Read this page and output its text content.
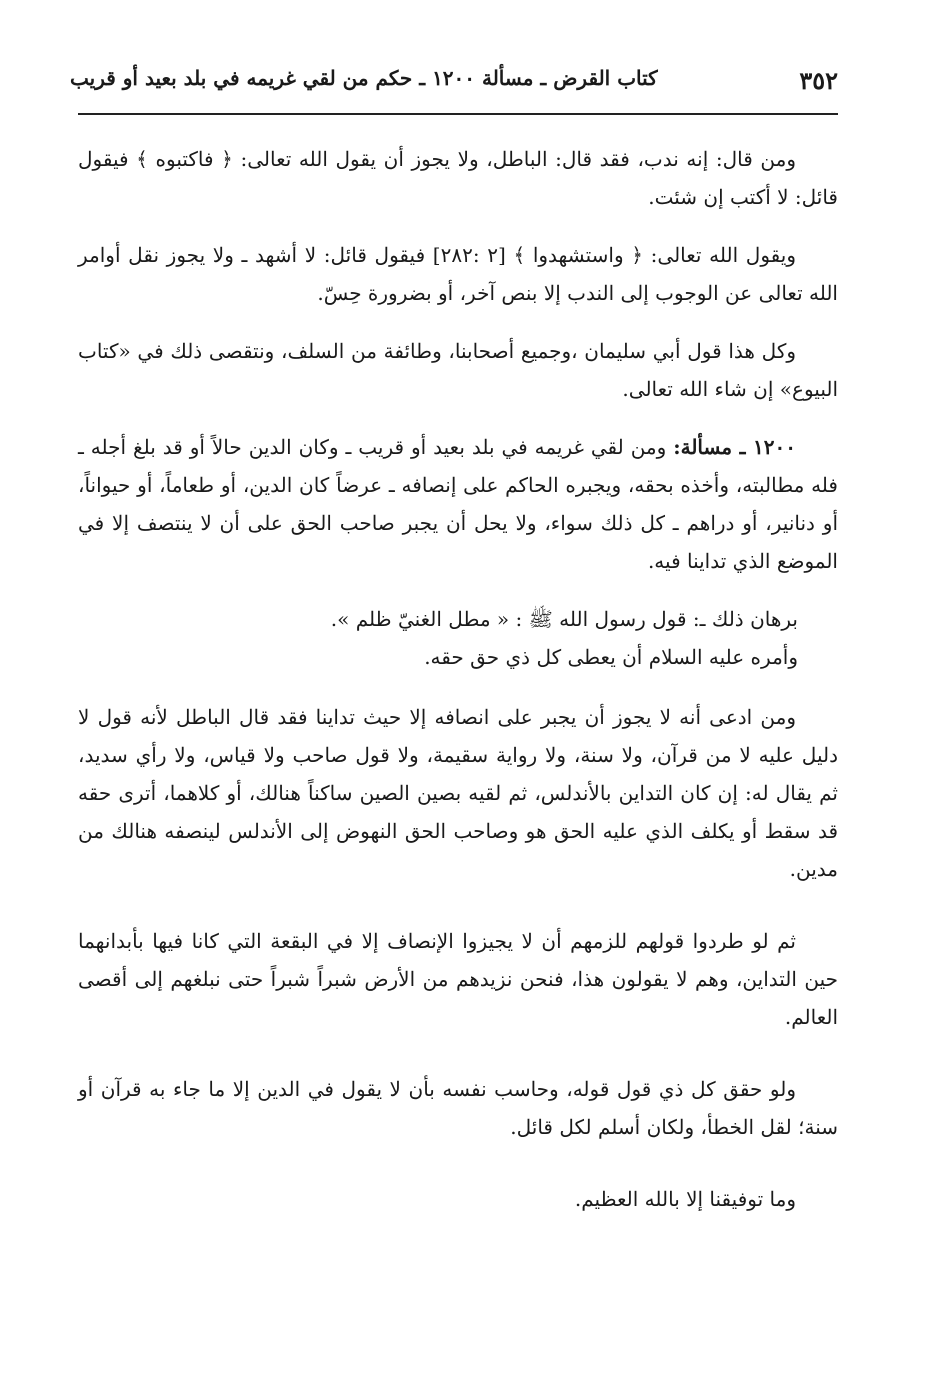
٣٥٢
كتاب القرض ـ مسألة ١٢٠٠ ـ حكم من لقي غريمه في بلد بعيد أو قريب

ومن قال: إنه ندب، فقد قال: الباطل، ولا يجوز أن يقول الله تعالى: ﴿ فاكتبوه ﴾ فيقول قائل: لا أكتب إن شئت.

ويقول الله تعالى: ﴿ واستشهدوا ﴾ [٢ :٢٨٢] فيقول قائل: لا أشهد ـ ولا يجوز نقل أوامر الله تعالى عن الوجوب إلى الندب إلا بنص آخر، أو بضرورة حِسّ.

وكل هذا قول أبي سليمان ،وجميع أصحابنا، وطائفة من السلف، ونتقصى ذلك في «كتاب البيوع» إن شاء الله تعالى.

١٢٠٠ ـ مسألة: ومن لقي غريمه في بلد بعيد أو قريب ـ وكان الدين حالاً أو قد بلغ أجله ـ فله مطالبته، وأخذه بحقه، ويجبره الحاكم على إنصافه ـ عرضاً كان الدين، أو طعاماً، أو حيواناً، أو دنانير، أو دراهم ـ كل ذلك سواء، ولا يحل أن يجبر صاحب الحق على أن لا ينتصف إلا في الموضع الذي تداينا فيه.

برهان ذلك ـ: قول رسول الله ﷺ : « مطل الغنيّ ظلم ».
وأمره عليه السلام أن يعطى كل ذي حق حقه.

ومن ادعى أنه لا يجوز أن يجبر على انصافه إلا حيث تداينا فقد قال الباطل لأنه قول لا دليل عليه لا من قرآن، ولا سنة، ولا رواية سقيمة، ولا قول صاحب ولا قياس، ولا رأي سديد، ثم يقال له: إن كان التداين بالأندلس، ثم لقيه بصين الصين ساكناً هنالك، أو كلاهما، أترى حقه قد سقط أو يكلف الذي عليه الحق هو وصاحب الحق النهوض إلى الأندلس لينصفه هنالك من مدين.

ثم لو طردوا قولهم للزمهم أن لا يجيزوا الإنصاف إلا في البقعة التي كانا فيها بأبدانهما حين التداين، وهم لا يقولون هذا، فنحن نزيدهم من الأرض شبراً شبراً حتى نبلغهم إلى أقصى العالم.

ولو حقق كل ذي قول قوله، وحاسب نفسه بأن لا يقول في الدين إلا ما جاء به قرآن أو سنة؛ لقل الخطأ، ولكان أسلم لكل قائل.

وما توفيقنا إلا بالله العظيم.
